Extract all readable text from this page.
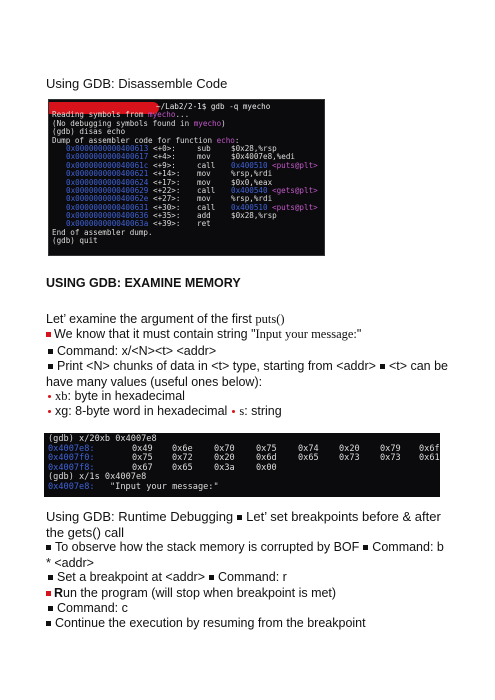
Using GDB: Disassemble Code
~/Lab2/2-1$ gdb -q myecho
Reading symbols from myecho...
(No debugging symbols found in myecho)
(gdb) disas echo
Dump of assembler code for function echo:
0x0000000000400613 <+0>:	sub	$0x28,%rsp
0x0000000000400617 <+4>:	mov	$0x4007e8,%edi
0x000000000040061c <+9>:	call 0x400510 <puts@plt>
0x0000000000400621 <+14>: mov	%rsp,%rdi
0x0000000000400624 <+17>: mov	$0x0,%eax
0x0000000000400629 <+22>: call 0x400540 <gets@plt>
0x000000000040062e <+27>: mov	%rsp,%rdi
0x0000000000400631 <+30>: call 0x400510 <puts@plt>
0x0000000000400636 <+35>: add	$0x28,%rsp
0x000000000040063a <+39>: ret
End of assembler dump.
(gdb) quit
USING GDB: EXAMINE MEMORY
Let’ examine the argument of the first puts()
We know that it must contain string "Input your message:"
Command: x/<N><t> <addr>
Print <N> chunks of data in <t> type, starting from <addr> <t> can be have many values (useful ones below):
xb: byte in hexadecimal
xg: 8-byte word in hexadecimal s: string
(gdb) x/20xb 0x4007e8
0x4007e8:	0x49 0x6e 0x70 0x75 0x74 0x20 0x79 0x6f
0x4007f0:	0x75 0x72 0x20 0x6d 0x65 0x73 0x73 0x61
0x4007f8:	0x67 0x65 0x3a 0x00
(gdb) x/1s 0x4007e8
0x4007e8: "Input your message:"
Using GDB: Runtime Debugging Let’ set breakpoints before & after the gets() call
To observe how the stack memory is corrupted by BOF Command: b * <addr>
Set a breakpoint at <addr> Command: r
Run the program (will stop when breakpoint is met)
Command: c
Continue the execution by resuming from the breakpoint
